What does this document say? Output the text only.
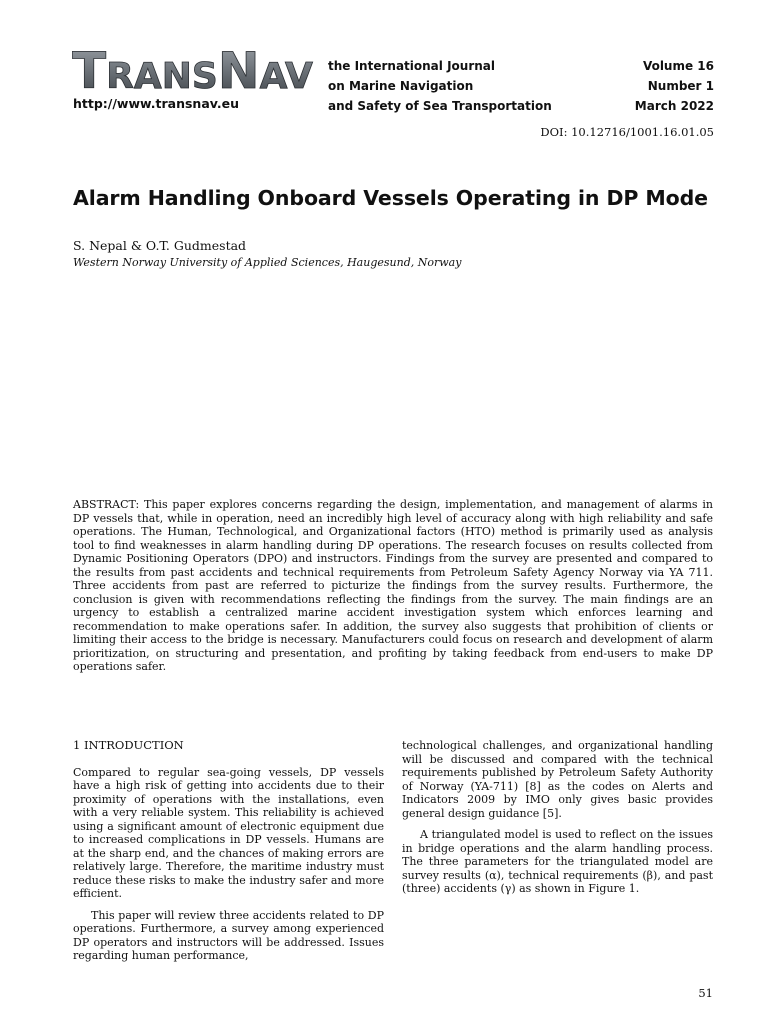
TRANSNAV
http://www.transnav.eu
the International Journal
on Marine Navigation
and Safety of Sea Transportation
Volume 16
Number 1
March 2022
DOI: 10.12716/1001.16.01.05
Alarm Handling Onboard Vessels Operating in DP Mode
S. Nepal & O.T. Gudmestad
Western Norway University of Applied Sciences, Haugesund, Norway
ABSTRACT: This paper explores concerns regarding the design, implementation, and management of alarms in DP vessels that, while in operation, need an incredibly high level of accuracy along with high reliability and safe operations. The Human, Technological, and Organizational factors (HTO) method is primarily used as analysis tool to find weaknesses in alarm handling during DP operations. The research focuses on results collected from Dynamic Positioning Operators (DPO) and instructors. Findings from the survey are presented and compared to the results from past accidents and technical requirements from Petroleum Safety Agency Norway via YA 711. Three accidents from past are referred to picturize the findings from the survey results. Furthermore, the conclusion is given with recommendations reflecting the findings from the survey. The main findings are an urgency to establish a centralized marine accident investigation system which enforces learning and recommendation to make operations safer. In addition, the survey also suggests that prohibition of clients or limiting their access to the bridge is necessary. Manufacturers could focus on research and development of alarm prioritization, on structuring and presentation, and profiting by taking feedback from end-users to make DP operations safer.

1 INTRODUCTION

Compared to regular sea-going vessels, DP vessels have a high risk of getting into accidents due to their proximity of operations with the installations, even with a very reliable system. This reliability is achieved using a significant amount of electronic equipment due to increased complications in DP vessels. Humans are at the sharp end, and the chances of making errors are relatively large. Therefore, the maritime industry must reduce these risks to make the industry safer and more efficient.

This paper will review three accidents related to DP operations. Furthermore, a survey among experienced DP operators and instructors will be addressed. Issues regarding human performance,

technological challenges, and organizational handling will be discussed and compared with the technical requirements published by Petroleum Safety Authority of Norway (YA-711) [8] as the codes on Alerts and Indicators 2009 by IMO only gives basic provides general design guidance [5].

A triangulated model is used to reflect on the issues in bridge operations and the alarm handling process. The three parameters for the triangulated model are survey results (α), technical requirements (β), and past (three) accidents (γ) as shown in Figure 1.

51
